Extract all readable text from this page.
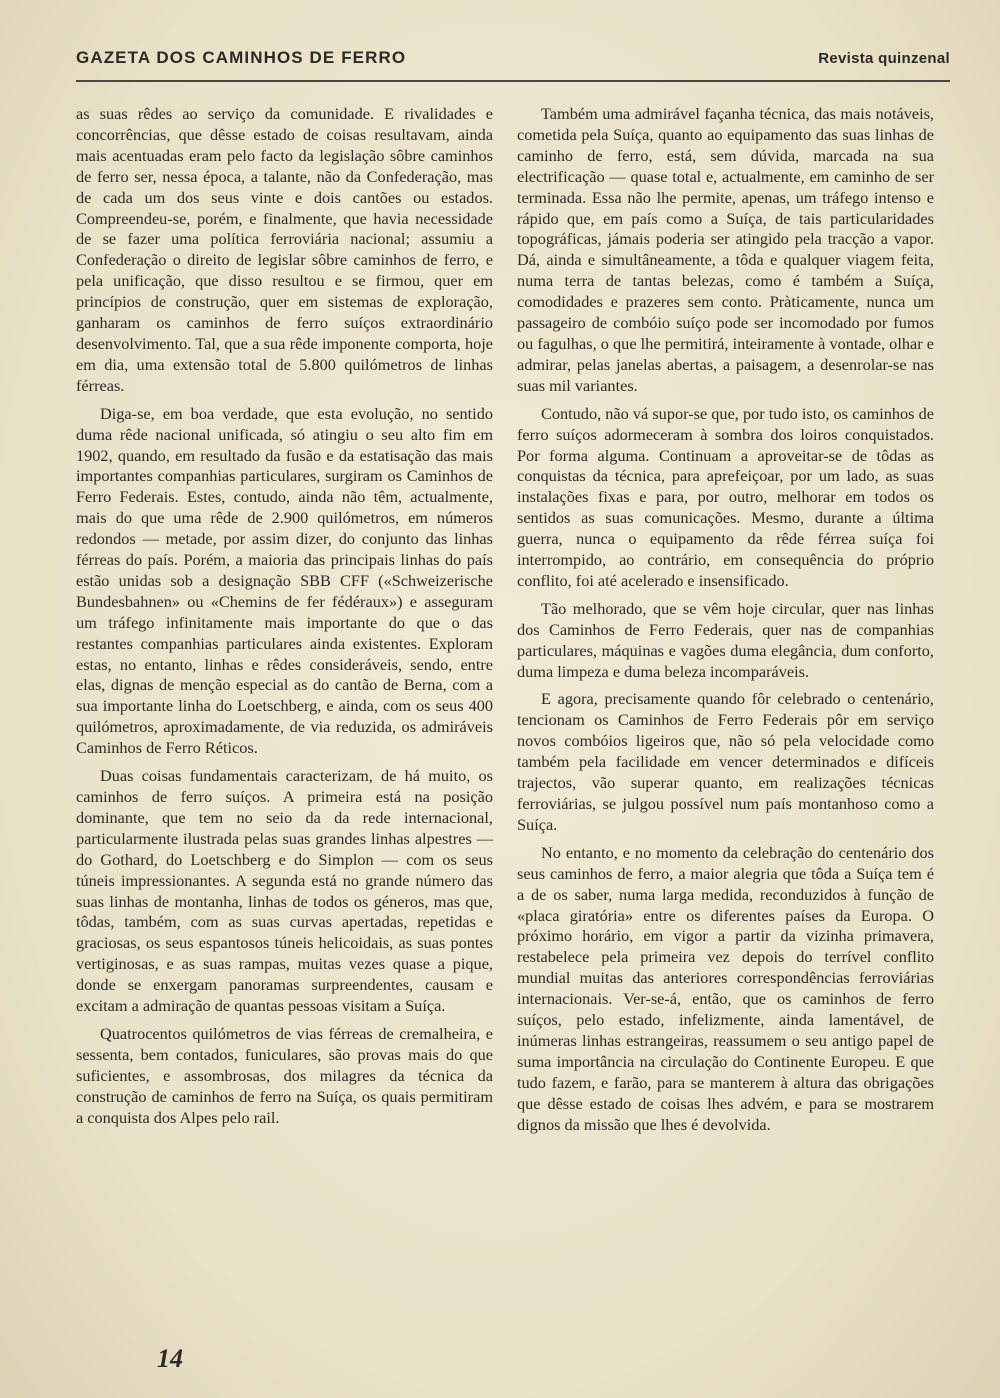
GAZETA DOS CAMINHOS DE FERRO	Revista quinzenal

as suas rêdes ao serviço da comunidade. E rivalidades e concorrências, que dêsse estado de coisas resultavam, ainda mais acentuadas eram pelo facto da legislação sôbre caminhos de ferro ser, nessa época, a talante, não da Confederação, mas de cada um dos seus vinte e dois cantões ou estados. Compreendeu-se, porém, e finalmente, que havia necessidade de se fazer uma política ferroviária nacional; assumiu a Confederação o direito de legislar sôbre caminhos de ferro, e pela unificação, que disso resultou e se firmou, quer em princípios de construção, quer em sistemas de exploração, ganharam os caminhos de ferro suíços extraordinário desenvolvimento. Tal, que a sua rêde imponente comporta, hoje em dia, uma extensão total de 5.800 quilómetros de linhas férreas.

Diga-se, em boa verdade, que esta evolução, no sentido duma rêde nacional unificada, só atingiu o seu alto fim em 1902, quando, em resultado da fusão e da estatisação das mais importantes companhias particulares, surgiram os Caminhos de Ferro Federais. Estes, contudo, ainda não têm, actualmente, mais do que uma rêde de 2.900 quilómetros, em números redondos — metade, por assim dizer, do conjunto das linhas férreas do país. Porém, a maioria das principais linhas do país estão unidas sob a designação SBB CFF («Schweizerische Bundesbahnen» ou «Chemins de fer fédéraux») e asseguram um tráfego infinitamente mais importante do que o das restantes companhias particulares ainda existentes. Exploram estas, no entanto, linhas e rêdes consideráveis, sendo, entre elas, dignas de menção especial as do cantão de Berna, com a sua importante linha do Loetschberg, e ainda, com os seus 400 quilómetros, aproximadamente, de via reduzida, os admiráveis Caminhos de Ferro Réticos.

Duas coisas fundamentais caracterizam, de há muito, os caminhos de ferro suíços. A primeira está na posição dominante, que tem no seio da da rede internacional, particularmente ilustrada pelas suas grandes linhas alpestres — do Gothard, do Loetschberg e do Simplon — com os seus túneis impressionantes. A segunda está no grande número das suas linhas de montanha, linhas de todos os géneros, mas que, tôdas, também, com as suas curvas apertadas, repetidas e graciosas, os seus espantosos túneis helicoidais, as suas pontes vertiginosas, e as suas rampas, muitas vezes quase a pique, donde se enxergam panoramas surpreendentes, causam e excitam a admiração de quantas pessoas visitam a Suíça.

Quatrocentos quilómetros de vias férreas de cremalheira, e sessenta, bem contados, funiculares, são provas mais do que suficientes, e assombrosas, dos milagres da técnica da construção de caminhos de ferro na Suíça, os quais permitiram a conquista dos Alpes pelo rail.

Também uma admirável façanha técnica, das mais notáveis, cometida pela Suíça, quanto ao equipamento das suas linhas de caminho de ferro, está, sem dúvida, marcada na sua electrificação — quase total e, actualmente, em caminho de ser terminada. Essa não lhe permite, apenas, um tráfego intenso e rápido que, em país como a Suíça, de tais particularidades topográficas, jámais poderia ser atingido pela tracção a vapor. Dá, ainda e simultâneamente, a tôda e qualquer viagem feita, numa terra de tantas belezas, como é também a Suíça, comodidades e prazeres sem conto. Pràticamente, nunca um passageiro de combóio suíço pode ser incomodado por fumos ou fagulhas, o que lhe permitirá, inteiramente à vontade, olhar e admirar, pelas janelas abertas, a paisagem, a desenrolar-se nas suas mil variantes.

Contudo, não vá supor-se que, por tudo isto, os caminhos de ferro suíços adormeceram à sombra dos loiros conquistados. Por forma alguma. Continuam a aproveitar-se de tôdas as conquistas da técnica, para aprefeiçoar, por um lado, as suas instalações fixas e para, por outro, melhorar em todos os sentidos as suas comunicações. Mesmo, durante a última guerra, nunca o equipamento da rêde férrea suíça foi interrompido, ao contrário, em consequência do próprio conflito, foi até acelerado e insensificado.

Tão melhorado, que se vêm hoje circular, quer nas linhas dos Caminhos de Ferro Federais, quer nas de companhias particulares, máquinas e vagões duma elegância, dum conforto, duma limpeza e duma beleza incomparáveis.

E agora, precisamente quando fôr celebrado o centenário, tencionam os Caminhos de Ferro Federais pôr em serviço novos combóios ligeiros que, não só pela velocidade como também pela facilidade em vencer determinados e difíceis trajectos, vão superar quanto, em realizações técnicas ferroviárias, se julgou possível num país montanhoso como a Suíça.

No entanto, e no momento da celebração do centenário dos seus caminhos de ferro, a maior alegria que tôda a Suíça tem é a de os saber, numa larga medida, reconduzidos à função de «placa giratória» entre os diferentes países da Europa. O próximo horário, em vigor a partir da vizinha primavera, restabelece pela primeira vez depois do terrível conflito mundial muitas das anteriores correspondências ferroviárias internacionais. Ver-se-á, então, que os caminhos de ferro suíços, pelo estado, infelizmente, ainda lamentável, de inúmeras linhas estrangeiras, reassumem o seu antigo papel de suma importância na circulação do Continente Europeu. E que tudo fazem, e farão, para se manterem à altura das obrigações que dêsse estado de coisas lhes advém, e para se mostrarem dignos da missão que lhes é devolvida.

14
